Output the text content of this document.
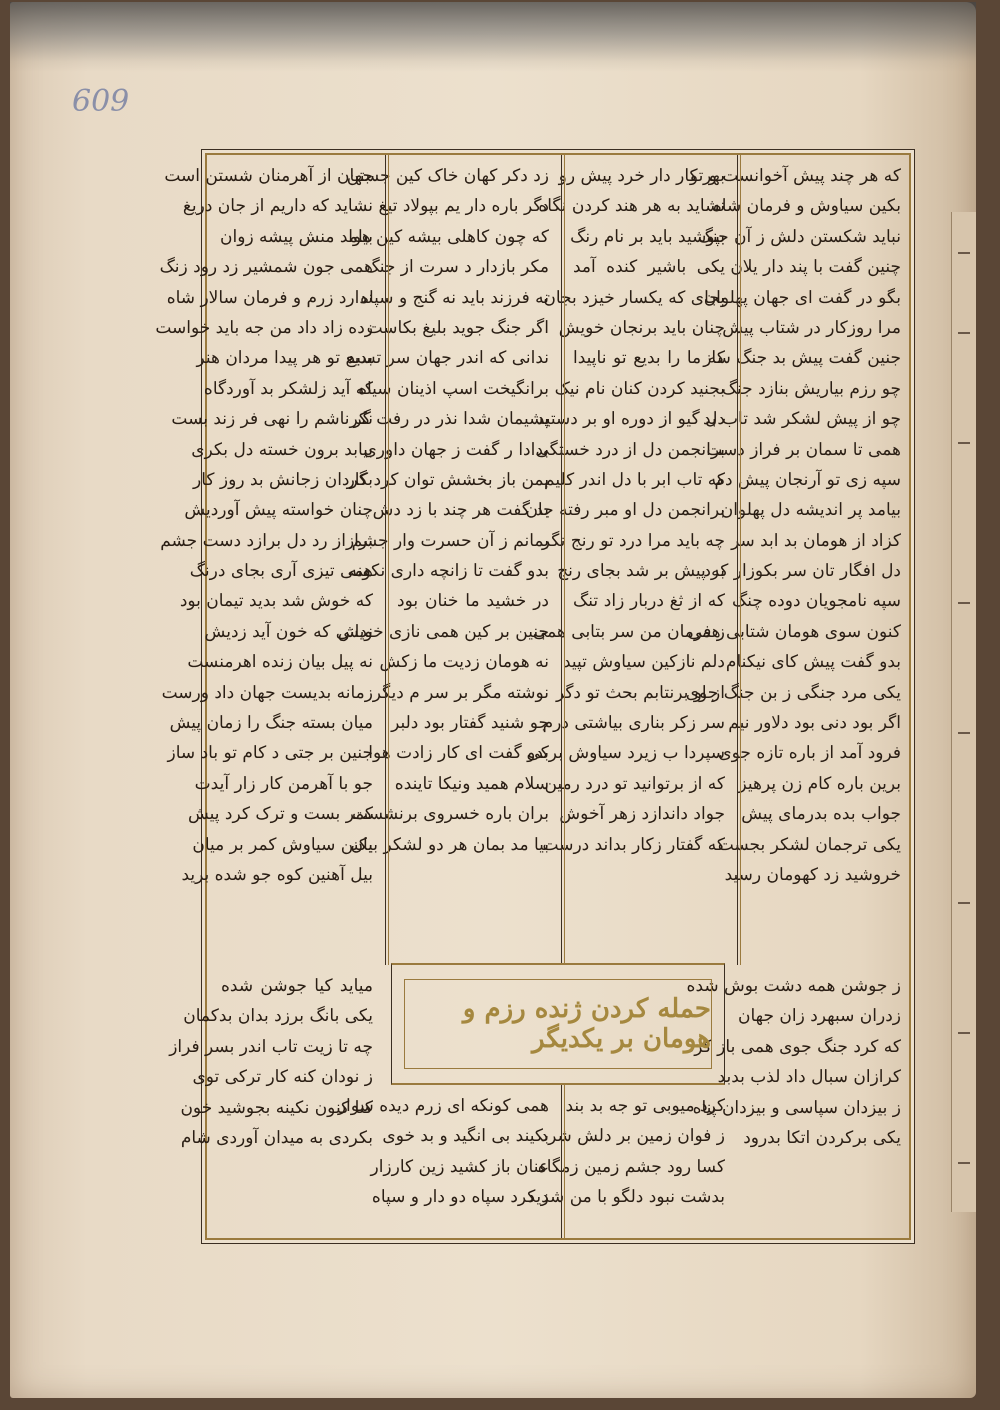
609
که هر چند پیش آخوانست و تو
بکین سیاوش و فرمان شاه
نباید شکستن دلش ز آن جنگ
چنین گفت با پند دار یلان
بگو در گفت ای جهان پهلوان
مرا روزکار در شتاب پیش
جنین گفت پیش بد جنگ ساز
چو رزم بیاریش بنازد جنگ
چو از پیش لشکر شد تاب بد
همی تا سمان بر فراز دست
سپه زی تو آرنجان پیش دم
بیامد پر اندیشه دل پهلوان
کزاد از هومان بد ابد سر
دل افگار تان سر بکوزار کرد
سپه نامجویان دوده چنگ
کنون سوی هومان شتابی همی
بدو گفت پیش کای نیکنام
یکی مرد جنگی ز بن جنگ جوی
اگر بود دنی بود دلاور نیم
فرود آمد از باره تازه جوی
برین باره کام زن پرهیز
جواب بده بدرمای پیش
یکی ترجمان لشکر بجست
خروشید زد کهومان رسید
بهر کار دار خرد پیش رو
نشاید به هر هند کردن نگاه
بپوشید باید بر نام رنگ
یکی باشیر کنده آمد
بجای که یکسار خیزد بجان
چنان باید برنجان خویش
که ما را بدیع تو ناپیدا
بجنید کردن کنان نام نیک
دل گیو از دوره او بر دستید
برانجمن دل از درد خستگی
که تاب ابر با دل اندر کلیم
برانجمن دل او مبر رفته جان
چه باید مرا درد تو رنج نگر
به پیش بر شد بجای رنج
که از ثغ دربار زاد تنگ
ز فرمان من سر بتابی همی
دلم نازکین سیاوش تپید
از او برنتابم بحث تو دگر
سر زکر بناری بیاشتی درم
سپردا ب زیرد سیاوش برکی
که از برتوانید تو درد رمین
جواد داندازد زهر آخوش
که گفتار زکار بداند درست
زد دکر کهان خاک کین جستن
دگر باره دار یم بپولاد تیغ
که چون کاهلی بیشه کین هوا
مکر بازدار د سرت از جنگ
نه فرزند باید نه گنج و سپاه
اگر جنگ جوید بلیغ بکاست
ندانی که اندر جهان سر تسبد
برانگیخت اسپ اذینان سیاه
پشیمان شدا نذر در رفت گر
بدادا ر گفت ز جهان داوری
بمن باز بخشش توان کرد کار
بد گفت هر چند با زد دش
بمانم ز آن حسرت وار جشم
بدو گفت تا زانچه داری نکونه
در خشید ما خنان بود
جنین بر کین همی نازی خویش
نه هومان زدیت ما زکش
نوشته مگر بر سر م دیگر
جو شنید گفتار بود دلبر
بدو گفت ای کار زادت هوا
سلام همید ونیکا تاینده
بران باره خسروی برنشست
بیا مد بمان هر دو لشکر بیان
جهان از آهرمنان شستن است
نشاید که داریم از جان دریغ
بیامد منش پیشه زوان
همی جون شمشیر زد رود زنگ
ندارد زرم و فرمان سالار شاه
زده زاد داد من جه باید خواست
بدیع تو هر پیدا مردان هنر
که آید زلشکر بد آوردگاه
نکرناشم را نهی فر زند بست
بیابد برون خسته دل بکری
بگردان زجانش بد روز کار
چنان خواسته پیش آوردیش
برازاز رد دل برازد دست جشم
همی تیزی آری بجای درنگ
که خوش شد بدید تیمان بود
ندانی که خون آید زدیش
نه پیل بیان زنده اهرمنست
زمانه بدیست جهان داد ورست
میان بسته جنگ را زمان پیش
جنین بر جتی د کام تو باد ساز
جو با آهرمن کار زار آیدت
کمر بست و ترک کرد پیش
بکین سیاوش کمر بر میان
بیل آهنین کوه جو شده برید
ز جوشن همه دشت بوش شده
زدران سبهرد زان جهان
که کرد جنگ جوی همی باز کرد
کرازان سبال داد لذب بدبد
ز بیزدان سپاسی و بیزدان پناه
یکی برکردن اتکا بدرود
کرد میوبی تو جه بد بند
ز فوان زمین بر دلش شرد
کسا رود جشم زمین زمگاه
بدشت نبود دلگو با من شدید
همی کونکه ای زرم دیده سوار
بکیند بی انگید و بد خوی
عنان باز کشید زین کارزار
ز کرد سپاه دو دار و سپاه
میاید کیا جوشن شده
یکی بانگ برزد بدان بدکمان
چه تا زیت تاب اندر بسر فراز
ز نودان کنه کار ترکی توی
کنا کنون نکینه بجوشید خون
بکردی به میدان آوردی شام
حمله کردن ژنده رزم و هومان بر یکدیگر
